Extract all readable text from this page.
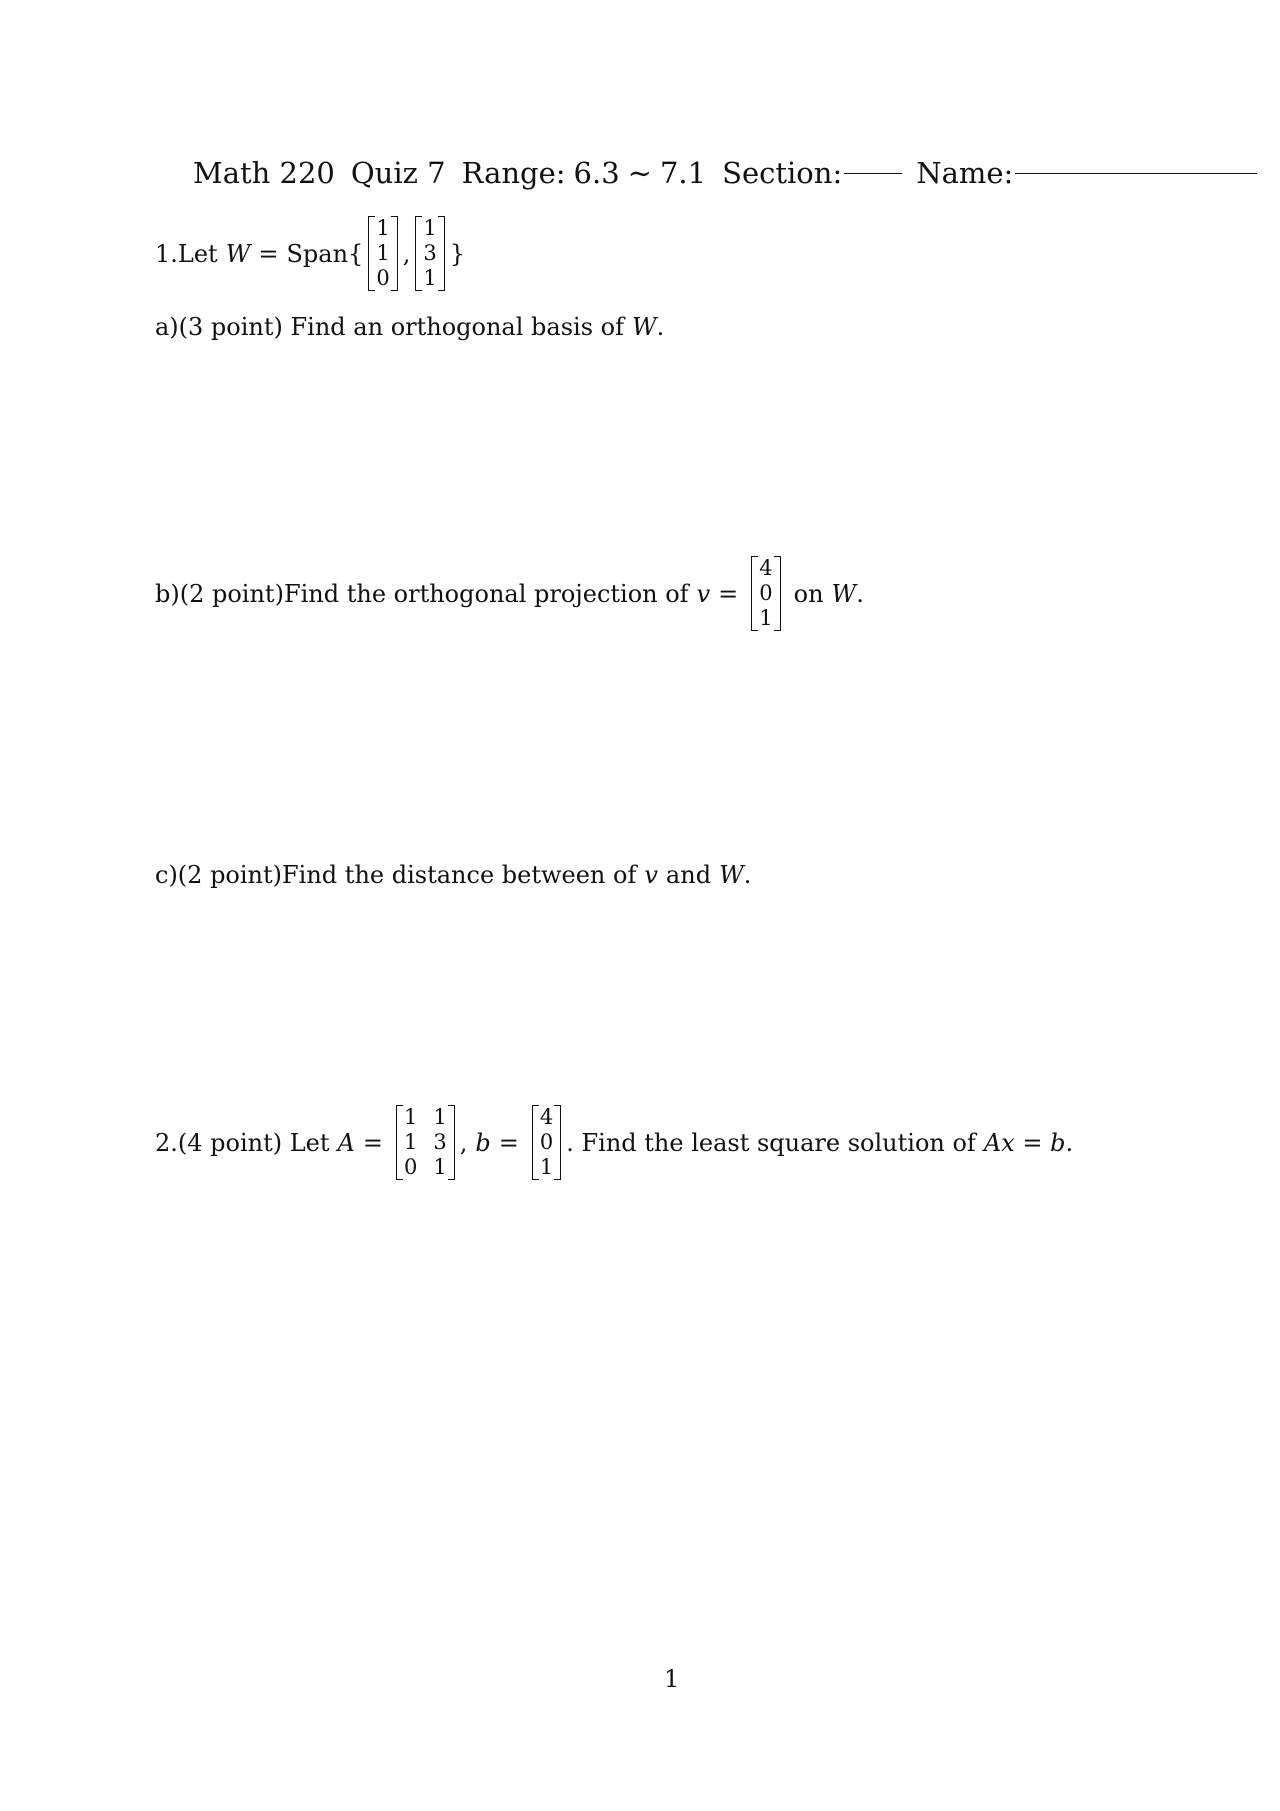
Math 220 Quiz 7 Range: 6.3 ∼ 7.1 Section:	Name:
1.Let W = Span{
1
1
0
,
1
3
1
}
a)(3 point) Find an orthogonal basis of W .
b)(2 point)Find the orthogonal projection of v =
4
0
1
on W .
c)(2 point)Find the distance between of v and W .
2.(4 point) Let A =
1 1
1 3
0 1
, b =
4
0
1
. Find the least square solution of Ax = b .
1
